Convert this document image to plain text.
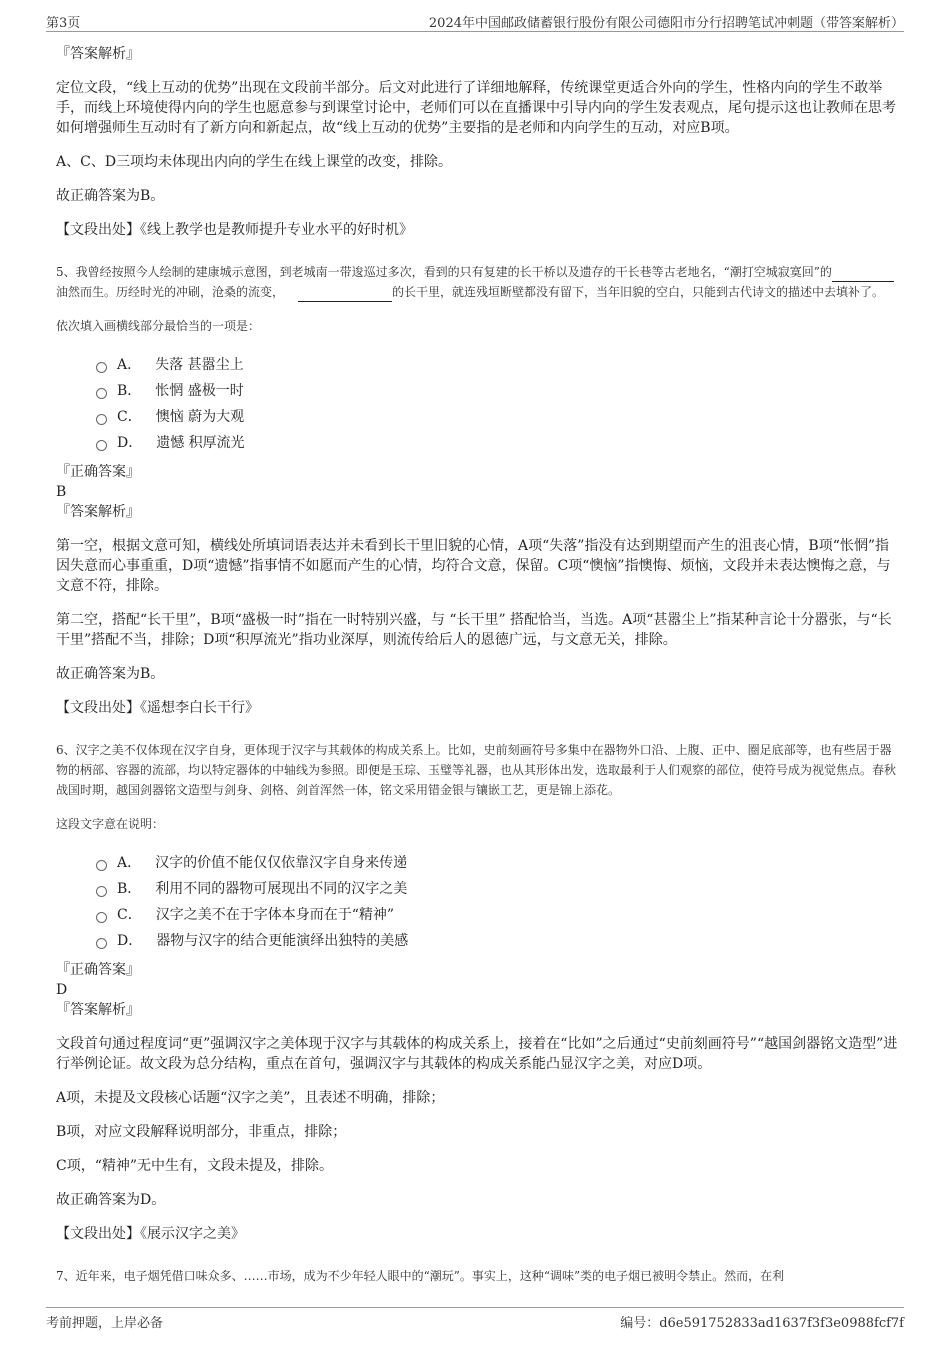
第3页	2024年中国邮政储蓄银行股份有限公司德阳市分行招聘笔试冲刺题（带答案解析）

『答案解析』

定位文段，“线上互动的优势”出现在文段前半部分。后文对此进行了详细地解释，传统课堂更适合外向的学生，性格内向的学生不敢举手，而线上环境使得内向的学生也愿意参与到课堂讨论中，老师们可以在直播课中引导内向的学生发表观点，尾句提示这也让教师在思考如何增强师生互动时有了新方向和新起点，故“线上互动的优势”主要指的是老师和内向学生的互动，对应B项。

A、C、D三项均未体现出内向的学生在线上课堂的改变，排除。

故正确答案为B。

【文段出处】《线上教学也是教师提升专业水平的好时机》

5、我曾经按照今人绘制的建康城示意图，到老城南一带逡巡过多次，看到的只有复建的长干桥以及遗存的干长巷等古老地名，“潮打空城寂寞回”的油然而生。历经时光的冲刷，沧桑的流变，	的长干里，就连残垣断壁都没有留下，当年旧貌的空白，只能到古代诗文的描述中去填补了。

依次填入画横线部分最恰当的一项是：

A． 失落 甚嚣尘上
B． 怅惘 盛极一时
C． 懊恼 蔚为大观
D． 遗憾 积厚流光

『正确答案』

B

『答案解析』

第一空，根据文意可知，横线处所填词语表达并未看到长干里旧貌的心情，A项“失落”指没有达到期望而产生的沮丧心情，B项“怅惘”指因失意而心事重重，D项“遗憾”指事情不如愿而产生的心情，均符合文意，保留。C项“懊恼”指懊悔、烦恼，文段并未表达懊悔之意，与文意不符，排除。

第二空，搭配“长干里”，B项“盛极一时”指在一时特别兴盛，与 “长干里” 搭配恰当，当选。A项“甚嚣尘上”指某种言论十分嚣张，与“长干里”搭配不当，排除；D项“积厚流光”指功业深厚，则流传给后人的恩德广远，与文意无关，排除。

故正确答案为B。

【文段出处】《遥想李白长干行》

6、汉字之美不仅体现在汉字自身，更体现于汉字与其载体的构成关系上。比如，史前刻画符号多集中在器物外口沿、上腹、正中、圈足底部等，也有些居于器物的柄部、容器的流部，均以特定器体的中轴线为参照。即便是玉琮、玉璧等礼器，也从其形体出发，选取最利于人们观察的部位，使符号成为视觉焦点。春秋战国时期，越国剑器铭文造型与剑身、剑格、剑首浑然一体，铭文采用错金银与镶嵌工艺，更是锦上添花。

这段文字意在说明：

A． 汉字的价值不能仅仅依靠汉字自身来传递
B． 利用不同的器物可展现出不同的汉字之美
C． 汉字之美不在于字体本身而在于“精神”
D． 器物与汉字的结合更能演绎出独特的美感

『正确答案』

D

『答案解析』

文段首句通过程度词“更”强调汉字之美体现于汉字与其载体的构成关系上，接着在“比如”之后通过“史前刻画符号”“越国剑器铭文造型”进行举例论证。故文段为总分结构，重点在首句，强调汉字与其载体的构成关系能凸显汉字之美，对应D项。

A项，未提及文段核心话题“汉字之美”，且表述不明确，排除；

B项，对应文段解释说明部分，非重点，排除；

C项，“精神”无中生有，文段未提及，排除。

故正确答案为D。

【文段出处】《展示汉字之美》

7、近年来，电子烟凭借口味众多、……市场，成为不少年轻人眼中的“潮玩”。事实上，这种“调味”类的电子烟已被明令禁止。然而，在利

考前押题，上岸必备	编号：d6e591752833ad1637f3f3e0988fcf7f
